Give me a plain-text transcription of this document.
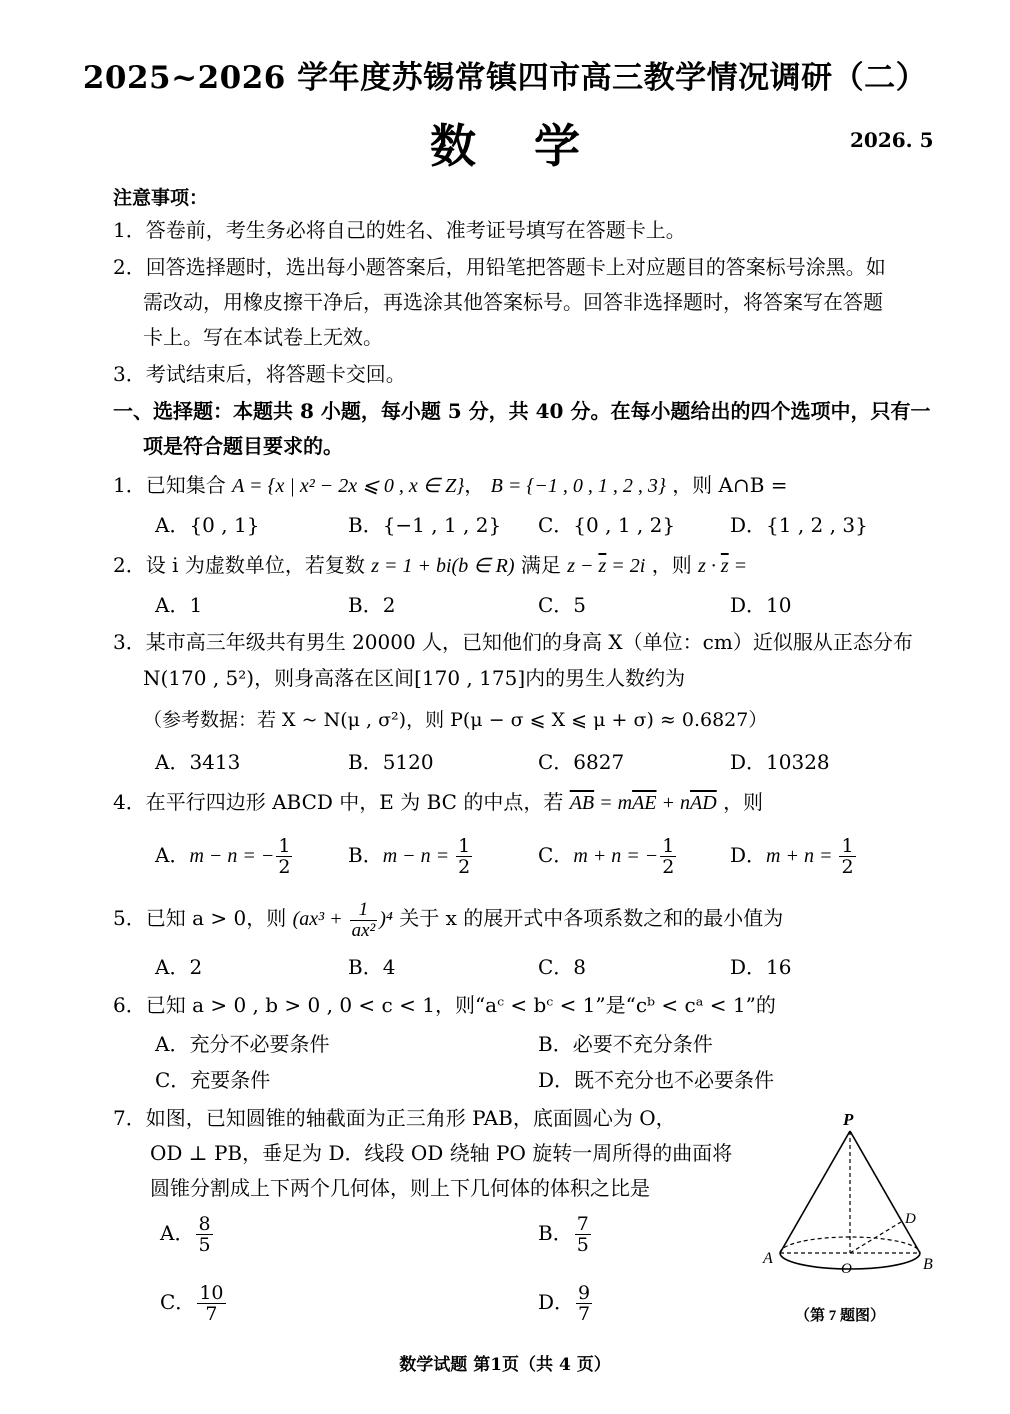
2025~2026 学年度苏锡常镇四市高三教学情况调研（二）
数学	2026. 5
注意事项：
1．答卷前，考生务必将自己的姓名、准考证号填写在答题卡上。
2．回答选择题时，选出每小题答案后，用铅笔把答题卡上对应题目的答案标号涂黑。如
需改动，用橡皮擦干净后，再选涂其他答案标号。回答非选择题时，将答案写在答题
卡上。写在本试卷上无效。
3．考试结束后，将答题卡交回。
一、选择题：本题共 8 小题，每小题 5 分，共 40 分。在每小题给出的四个选项中，只有一
项是符合题目要求的。
1．已知集合 A = {x | x² − 2x ⩽ 0 , x ∈ Z}， B = {−1 , 0 , 1 , 2 , 3} ，则 A∩B =
A．{0 , 1}	B．{−1 , 1 , 2} C．{0 , 1 , 2}	D．{1 , 2 , 3}
2．设 i 为虚数单位，若复数 z = 1 + bi(b ∈ R) 满足 $z - \overline{z} = 2i$ ，则 $z \cdot \overline{z}$ =
A．1	B．2	C．5	D．10
3．某市高三年级共有男生 20000 人，已知他们的身高 X（单位：cm）近似服从正态分布
N(170 , 5²)，则身高落在区间[170 , 175]内的男生人数约为
（参考数据：若 X ~ N(μ , σ²)，则 P(μ − σ ⩽ X ⩽ μ + σ) ≈ 0.6827）
A．3413	B．5120	C．6827	D．10328
4．在平行四边形 ABCD 中，E 为 BC 的中点，若 $\overline{AB} = m\overline{AE} + n\overline{AD}$ ，则
A．m − n = − $\frac{1}{2}$	B．$m - n = \frac{1}{2}$	C．m + n = − $\frac{1}{2}$	D．$m + n = \frac{1}{2}$
5．已知 a > 0，则 $(ax^3 + \frac{1}{\text{ax²}} )^4$ 关于 x 的展开式中各项系数之和的最小值为
A．2	B．4	C．8	D．16
6．已知 a > 0 , b > 0 , 0 < c < 1，则“aᶜ < bᶜ < 1”是“cᵇ < cᵃ < 1”的
A．充分不必要条件	B．必要不充分条件
C．充要条件	D．既不充分也不必要条件
7．如图，已知圆锥的轴截面为正三角形 PAB，底面圆心为 O，
OD ⊥ PB，垂足为 D．线段 OD 绕轴 PO 旋转一周所得的曲面将
圆锥分割成上下两个几何体，则上下几何体的体积之比是
A． $\frac{8}{5}$	B． $\frac{7}{5}$
C． $\frac{10}{7}$	D． $\frac{9}{7}$
P
D
A
O	B
（第 7 题图）
数学试题 第1页（共 4 页）
